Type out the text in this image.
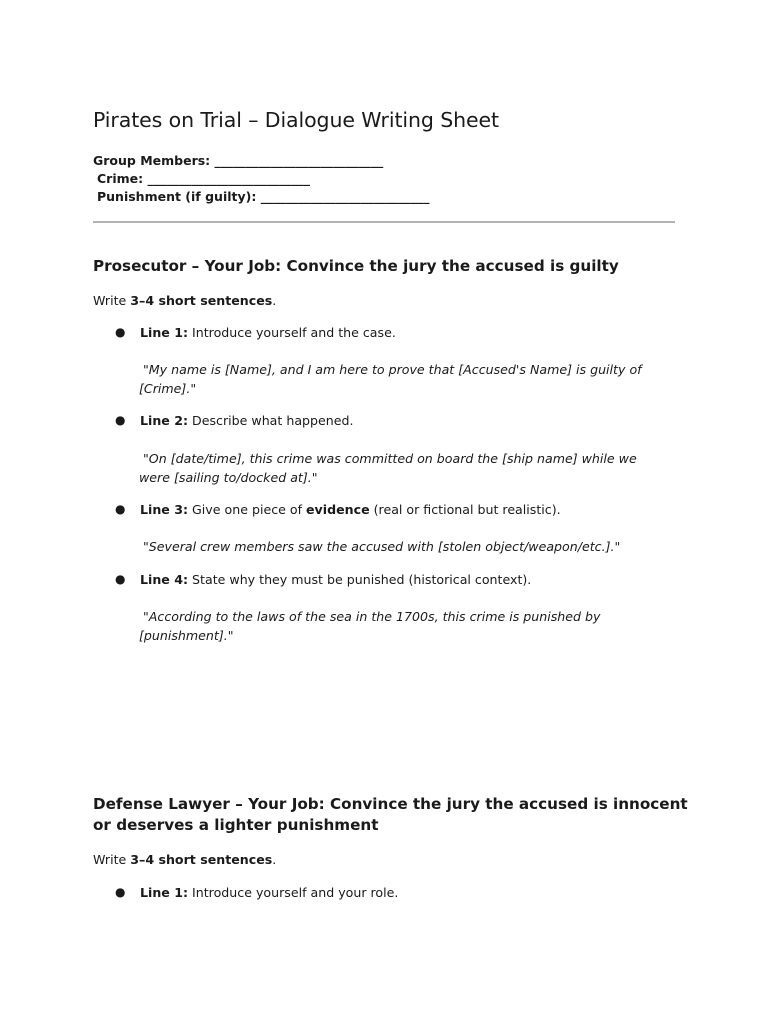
Pirates on Trial – Dialogue Writing Sheet
Group Members: ___________________________
Crime: __________________________
Punishment (if guilty): ___________________________
Prosecutor – Your Job: Convince the jury the accused is guilty
Write 3–4 short sentences.
● Line 1: Introduce yourself and the case.
"My name is [Name], and I am here to prove that [Accused's Name] is guilty of [Crime]."
● Line 2: Describe what happened.
"On [date/time], this crime was committed on board the [ship name] while we were [sailing to/docked at]."
● Line 3: Give one piece of evidence (real or fictional but realistic).
"Several crew members saw the accused with [stolen object/weapon/etc.]."
● Line 4: State why they must be punished (historical context).
"According to the laws of the sea in the 1700s, this crime is punished by [punishment]."
Defense Lawyer – Your Job: Convince the jury the accused is innocent or deserves a lighter punishment
Write 3–4 short sentences.
● Line 1: Introduce yourself and your role.
